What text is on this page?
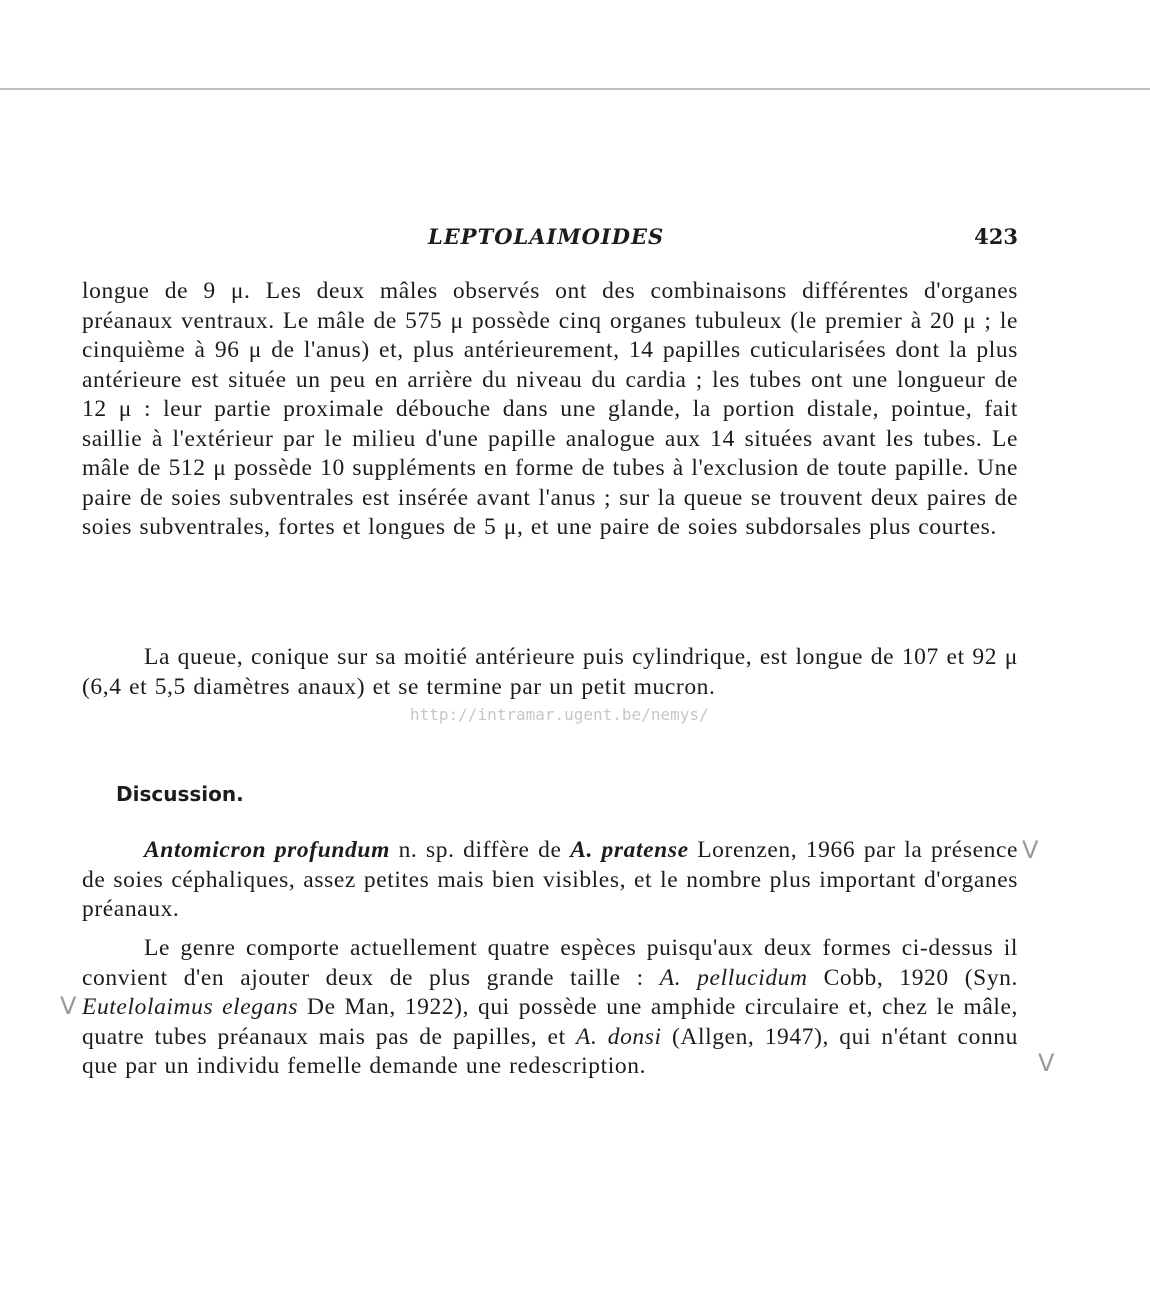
LEPTOLAIMOIDES	423
longue de 9 μ. Les deux mâles observés ont des combinaisons différentes d'organes préanaux ventraux. Le mâle de 575 μ possède cinq organes tubuleux (le premier à 20 μ ; le cinquième à 96 μ de l'anus) et, plus antérieurement, 14 papilles cuticularisées dont la plus antérieure est située un peu en arrière du niveau du cardia ; les tubes ont une longueur de 12 μ : leur partie proximale débouche dans une glande, la portion distale, pointue, fait saillie à l'extérieur par le milieu d'une papille analogue aux 14 situées avant les tubes. Le mâle de 512 μ possède 10 suppléments en forme de tubes à l'exclusion de toute papille. Une paire de soies subventrales est insérée avant l'anus ; sur la queue se trouvent deux paires de soies subventrales, fortes et longues de 5 μ, et une paire de soies subdorsales plus courtes.
La queue, conique sur sa moitié antérieure puis cylindrique, est longue de 107 et 92 μ (6,4 et 5,5 diamètres anaux) et se termine par un petit mucron.
http://intramar.ugent.be/nemys/
Discussion.
Antomicron profundum n. sp. diffère de A. pratense Lorenzen, 1966 par la présence de soies céphaliques, assez petites mais bien visibles, et le nombre plus important d'organes préanaux.
Le genre comporte actuellement quatre espèces puisqu'aux deux formes ci-dessus il convient d'en ajouter deux de plus grande taille : A. pellucidum Cobb, 1920 (Syn. Eutelolaimus elegans De Man, 1922), qui possède une amphide circulaire et, chez le mâle, quatre tubes préanaux mais pas de papilles, et A. donsi (Allgen, 1947), qui n'étant connu que par un individu femelle demande une redescription.
V
V
V
